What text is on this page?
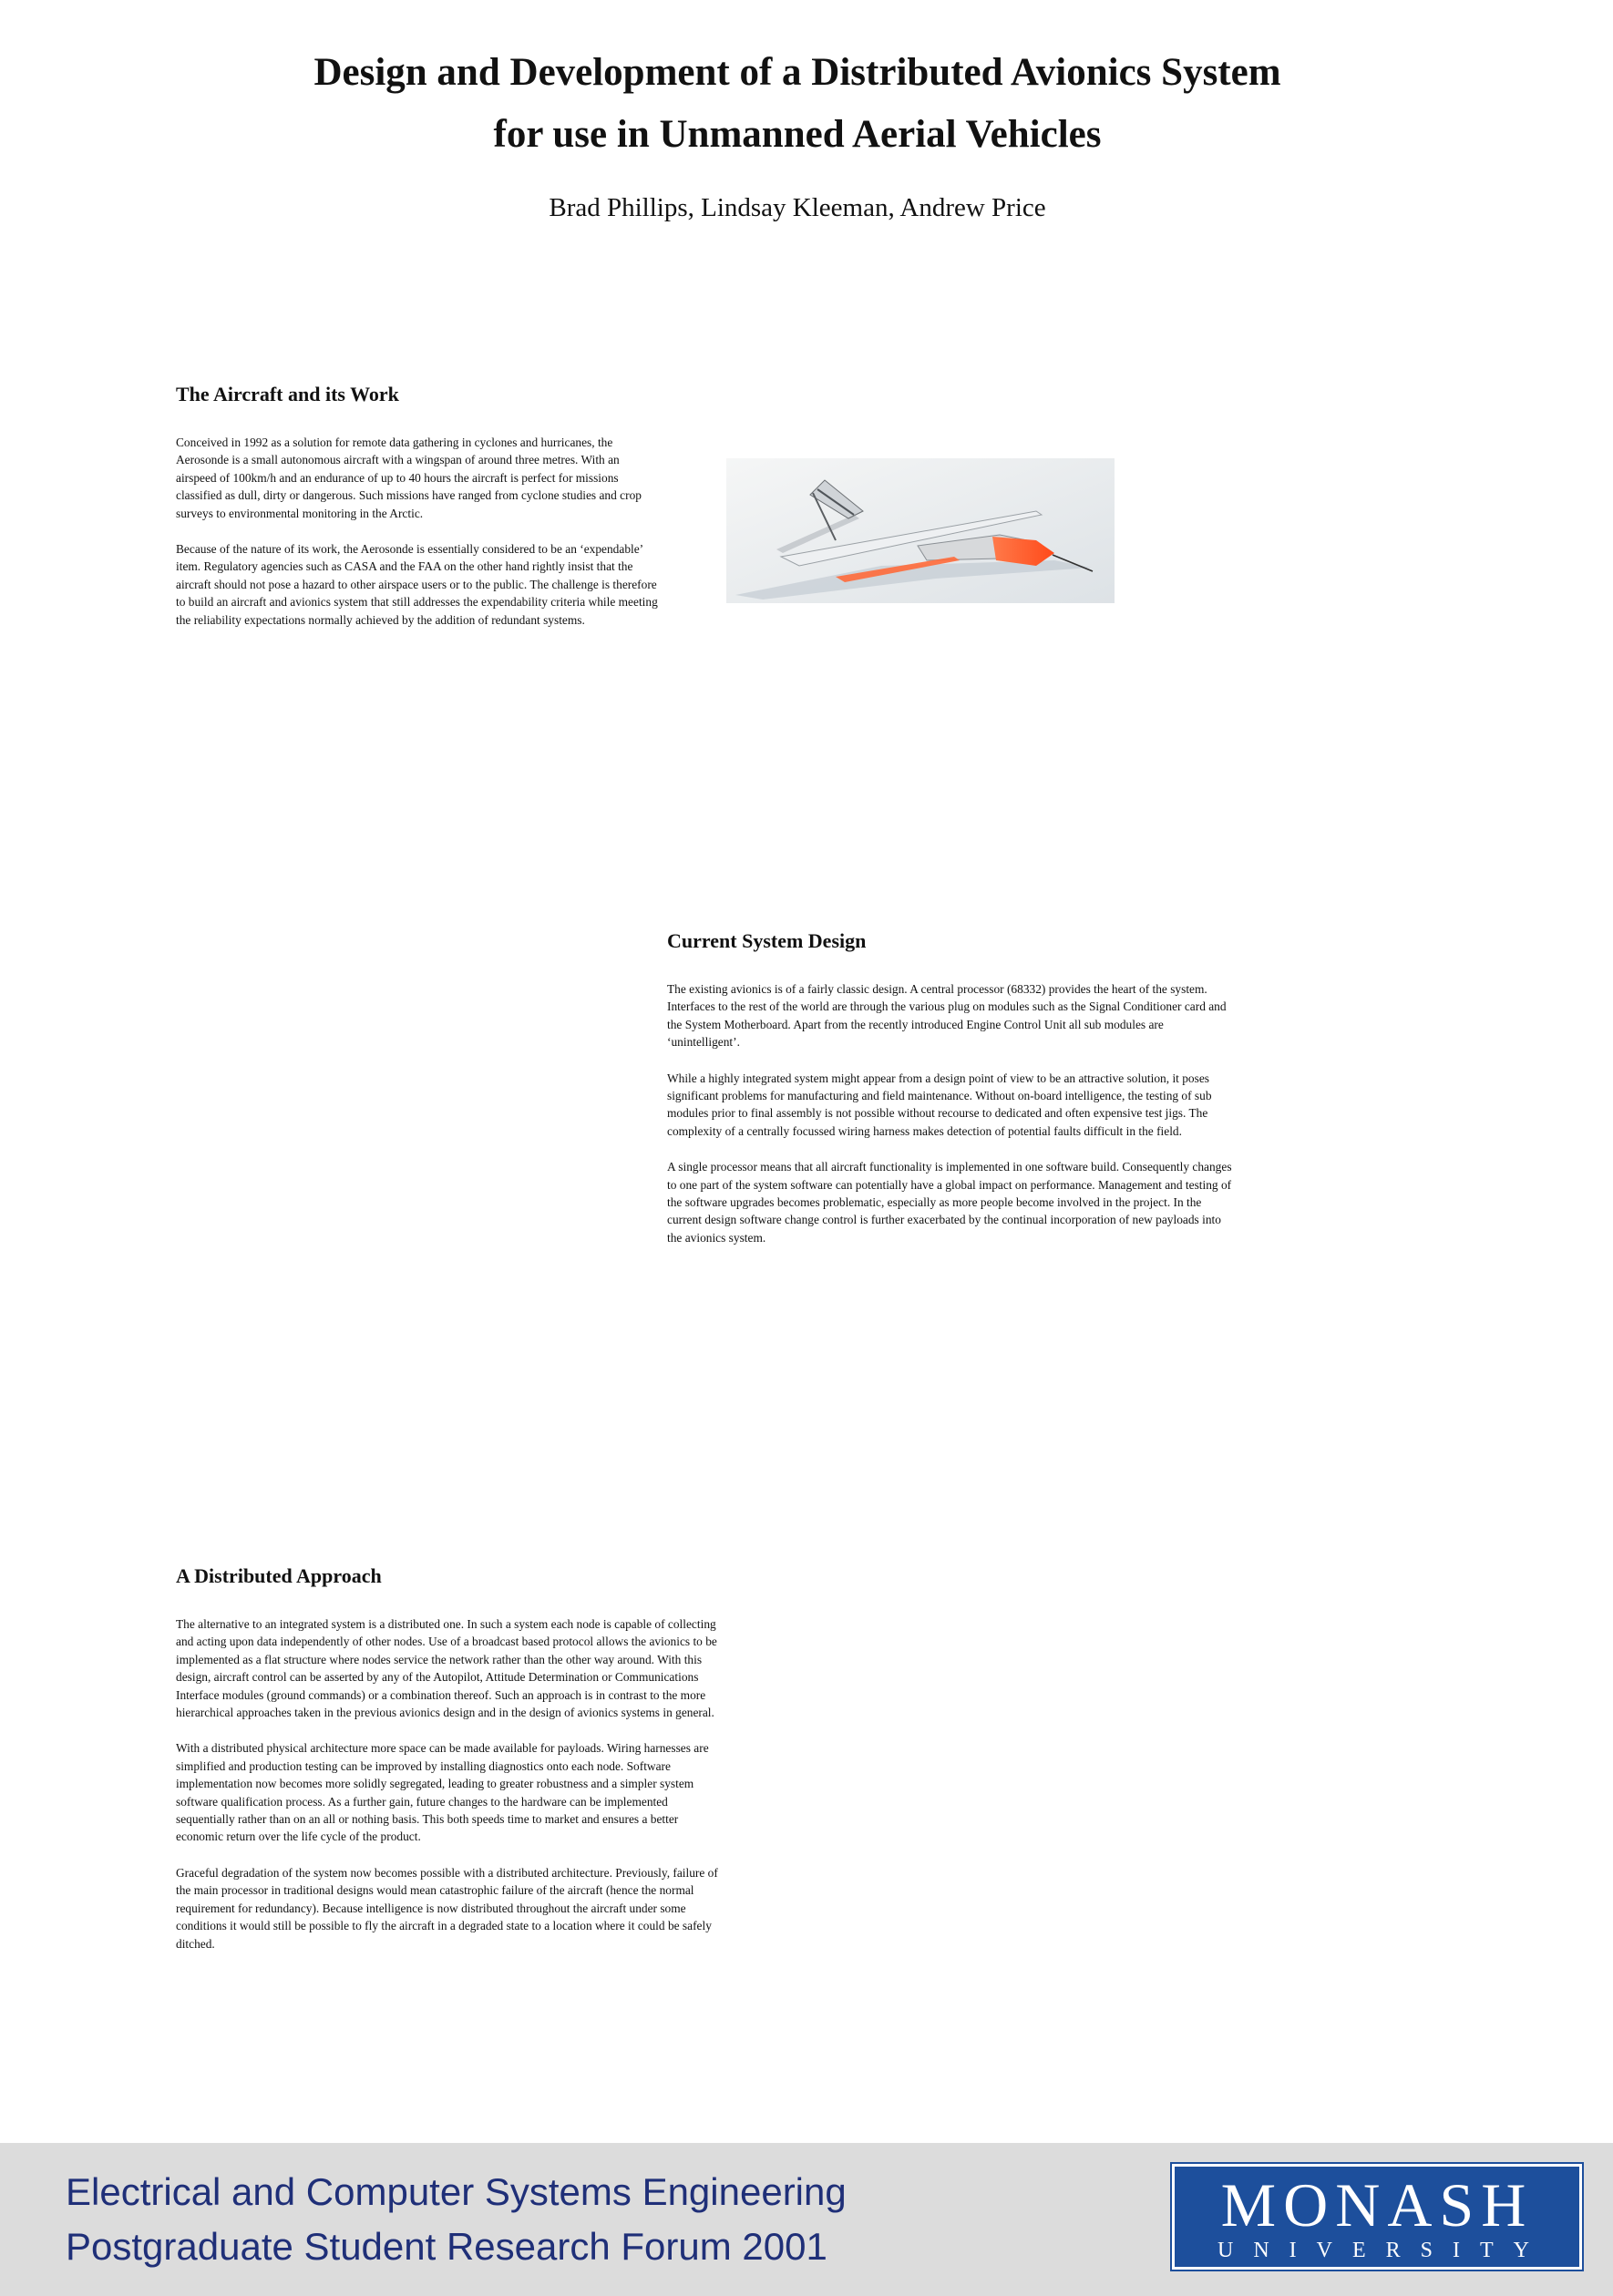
Design and Development of a Distributed Avionics System
for use in Unmanned Aerial Vehicles

Brad Phillips, Lindsay Kleeman, Andrew Price

The Aircraft and its Work

Conceived in 1992 as a solution for remote data gathering in cyclones and hurricanes, the Aerosonde is a small autonomous aircraft with a wingspan of around three metres. With an airspeed of 100km/h and an endurance of up to 40 hours the aircraft is perfect for missions classified as dull, dirty or dangerous. Such missions have ranged from cyclone studies and crop surveys to environmental monitoring in the Arctic.

Because of the nature of its work, the Aerosonde is essentially considered to be an ‘expendable’ item. Regulatory agencies such as CASA and the FAA on the other hand rightly insist that the aircraft should not pose a hazard to other airspace users or to the public. The challenge is therefore to build an aircraft and avionics system that still addresses the expendability criteria while meeting the reliability expectations normally achieved by the addition of redundant systems.

Current System Design

The existing avionics is of a fairly classic design. A central processor (68332) provides the heart of the system. Interfaces to the rest of the world are through the various plug on modules such as the Signal Conditioner card and the System Motherboard. Apart from the recently introduced Engine Control Unit all sub modules are ‘unintelligent’.

While a highly integrated system might appear from a design point of view to be an attractive solution, it poses significant problems for manufacturing and field maintenance. Without on-board intelligence, the testing of sub modules prior to final assembly is not possible without recourse to dedicated and often expensive test jigs. The complexity of a centrally focussed wiring harness makes detection of potential faults difficult in the field.

A single processor means that all aircraft functionality is implemented in one software build. Consequently changes to one part of the system software can potentially have a global impact on performance. Management and testing of the software upgrades becomes problematic, especially as more people become involved in the project. In the current design software change control is further exacerbated by the continual incorporation of new payloads into the avionics system.

A Distributed Approach

The alternative to an integrated system is a distributed one. In such a system each node is capable of collecting and acting upon data independently of other nodes. Use of a broadcast based protocol allows the avionics to be implemented as a flat structure where nodes service the network rather than the other way around. With this design, aircraft control can be asserted by any of the Autopilot, Attitude Determination or Communications Interface modules (ground commands) or a combination thereof. Such an approach is in contrast to the more hierarchical approaches taken in the previous avionics design and in the design of avionics systems in general.

With a distributed physical architecture more space can be made available for payloads. Wiring harnesses are simplified and production testing can be improved by installing diagnostics onto each node. Software implementation now becomes more solidly segregated, leading to greater robustness and a simpler system software qualification process. As a further gain, future changes to the hardware can be implemented sequentially rather than on an all or nothing basis. This both speeds time to market and ensures a better economic return over the life cycle of the product.

Graceful degradation of the system now becomes possible with a distributed architecture. Previously, failure of the main processor in traditional designs would mean catastrophic failure of the aircraft (hence the normal requirement for redundancy). Because intelligence is now distributed throughout the aircraft under some conditions it would still be possible to fly the aircraft in a degraded state to a location where it could be safely ditched.

Electrical and Computer Systems Engineering

Postgraduate Student Research Forum 2001

MONASH
UNIVERSITY
